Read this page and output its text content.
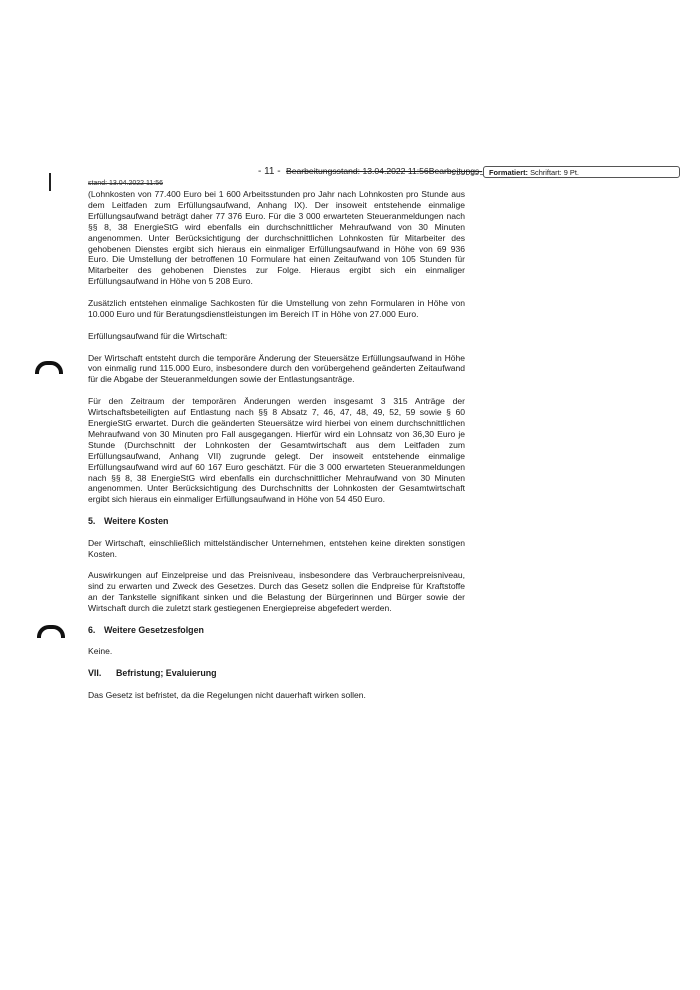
- 11 - Bearbeitungsstand: 13.04.2022 11:56Bearbeitungs- Formatiert: Schriftart: 9 Pt.
stand: 13.04.2022 11:56

(Lohnkosten von 77.400 Euro bei 1 600 Arbeitsstunden pro Jahr nach Lohnkosten pro Stunde aus dem Leitfaden zum Erfüllungsaufwand, Anhang IX). Der insoweit entstehende einmalige Erfüllungsaufwand beträgt daher 77 376 Euro. Für die 3 000 erwarteten Steueranmeldungen nach §§ 8, 38 EnergieStG wird ebenfalls ein durchschnittlicher Mehraufwand von 30 Minuten angenommen. Unter Berücksichtigung der durchschnittlichen Lohnkosten für Mitarbeiter des gehobenen Dienstes ergibt sich hieraus ein einmaliger Erfüllungsaufwand in Höhe von 69 936 Euro. Die Umstellung der betroffenen 10 Formulare hat einen Zeitaufwand von 105 Stunden für Mitarbeiter des gehobenen Dienstes zur Folge. Hieraus ergibt sich ein einmaliger Erfüllungsaufwand in Höhe von 5 208 Euro.

Zusätzlich entstehen einmalige Sachkosten für die Umstellung von zehn Formularen in Höhe von 10.000 Euro und für Beratungsdienstleistungen im Bereich IT in Höhe von 27.000 Euro.

Erfüllungsaufwand für die Wirtschaft:

Der Wirtschaft entsteht durch die temporäre Änderung der Steuersätze Erfüllungsaufwand in Höhe von einmalig rund 115.000 Euro, insbesondere durch den vorübergehend geänderten Zeitaufwand für die Abgabe der Steueranmeldungen sowie der Entlastungsanträge.

Für den Zeitraum der temporären Änderungen werden insgesamt 3 315 Anträge der Wirtschaftsbeteiligten auf Entlastung nach §§ 8 Absatz 7, 46, 47, 48, 49, 52, 59 sowie § 60 EnergieStG erwartet. Durch die geänderten Steuersätze wird hierbei von einem durchschnittlichen Mehraufwand von 30 Minuten pro Fall ausgegangen. Hierfür wird ein Lohnsatz von 36,30 Euro je Stunde (Durchschnitt der Lohnkosten der Gesamtwirtschaft aus dem Leitfaden zum Erfüllungsaufwand, Anhang VII) zugrunde gelegt. Der insoweit entstehende einmalige Erfüllungsaufwand wird auf 60 167 Euro geschätzt. Für die 3 000 erwarteten Steueranmeldungen nach §§ 8, 38 EnergieStG wird ebenfalls ein durchschnittlicher Mehraufwand von 30 Minuten angenommen. Unter Berücksichtigung des Durchschnitts der Lohnkosten der Gesamtwirtschaft ergibt sich hieraus ein einmaliger Erfüllungsaufwand in Höhe von 54 450 Euro.

5. Weitere Kosten

Der Wirtschaft, einschließlich mittelständischer Unternehmen, entstehen keine direkten sonstigen Kosten.

Auswirkungen auf Einzelpreise und das Preisniveau, insbesondere das Verbraucherpreisniveau, sind zu erwarten und Zweck des Gesetzes. Durch das Gesetz sollen die Endpreise für Kraftstoffe an der Tankstelle signifikant sinken und die Belastung der Bürgerinnen und Bürger sowie der Wirtschaft durch die zuletzt stark gestiegenen Energiepreise abgefedert werden.

6. Weitere Gesetzesfolgen

Keine.

VII. Befristung; Evaluierung

Das Gesetz ist befristet, da die Regelungen nicht dauerhaft wirken sollen.
